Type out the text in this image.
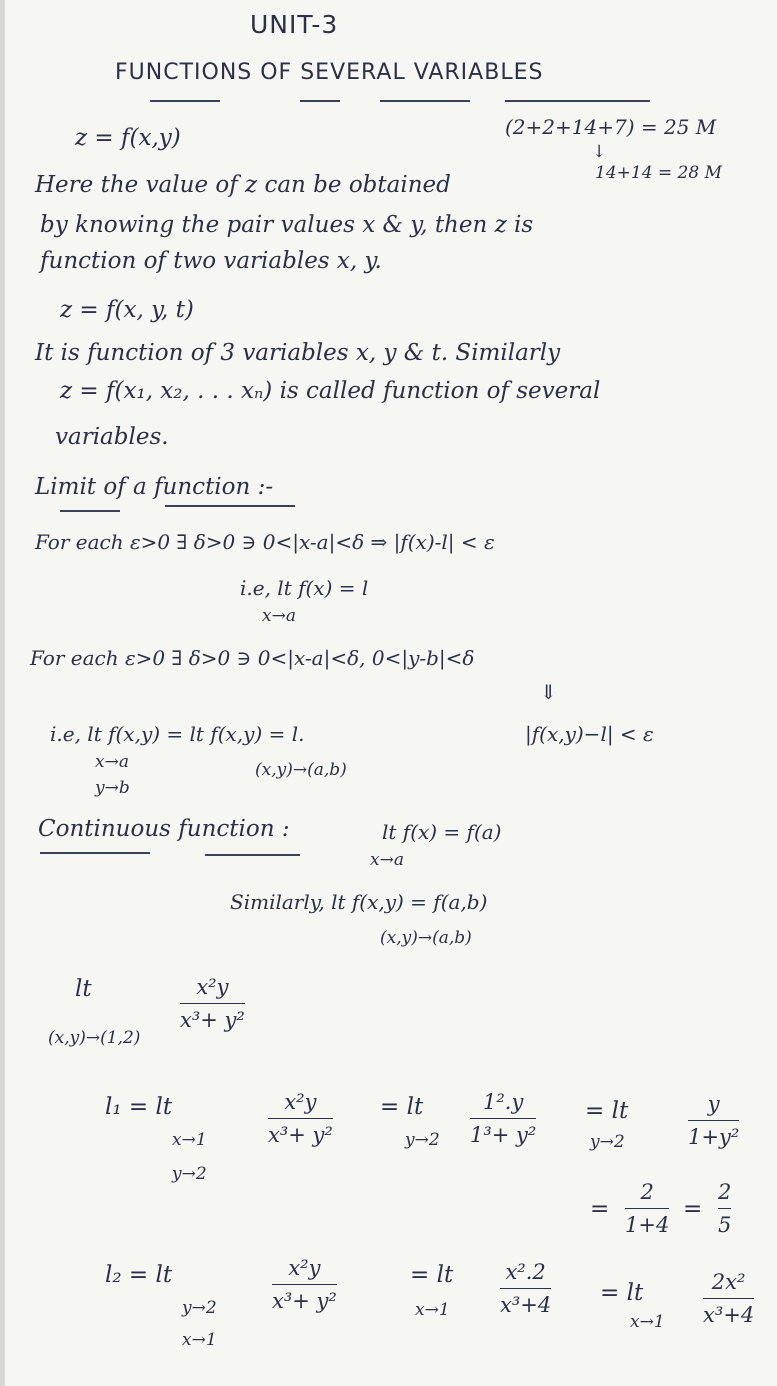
UNIT-3
FUNCTIONS OF SEVERAL VARIABLES
(2+2+14+7) = 25 M
↓
14+14 = 28 M
z = f(x,y)
Here the value of z can be obtained
by knowing the pair values x & y, then z is
function of two variables x, y.
z = f(x, y, t)
It is function of 3 variables x, y & t. Similarly
z = f(x₁, x₂, . . . xₙ) is called function of several
variables.
Limit of a function :-
For each ε>0 ∃ δ>0 ∋ 0<|x-a|<δ ⇒ |f(x)-l| < ε
i.e, lt f(x) = l
x→a
For each ε>0 ∃ δ>0 ∋ 0<|x-a|<δ, 0<|y-b|<δ
⇓
i.e, lt f(x,y) = lt f(x,y) = l.
x→a
y→b
(x,y)→(a,b)
|f(x,y)−l| < ε
Continuous function :	lt f(x) = f(a)
x→a
Similarly, lt f(x,y) = f(a,b)
(x,y)→(a,b)
lt
(x,y)→(1,2)
x²y
x³+ y²
l₁ = lt
x→1
y→2
x²y
x³+ y²
= lt
y→2
1².y
1³+ y²
= lt
y→2
y
1+y²
=
2
1+4
=
2
5
l₂ = lt
y→2
x→1
x²y
x³+ y²
= lt
x→1
x².2
x³+4 = lt
x→1
2x²
x³+4
